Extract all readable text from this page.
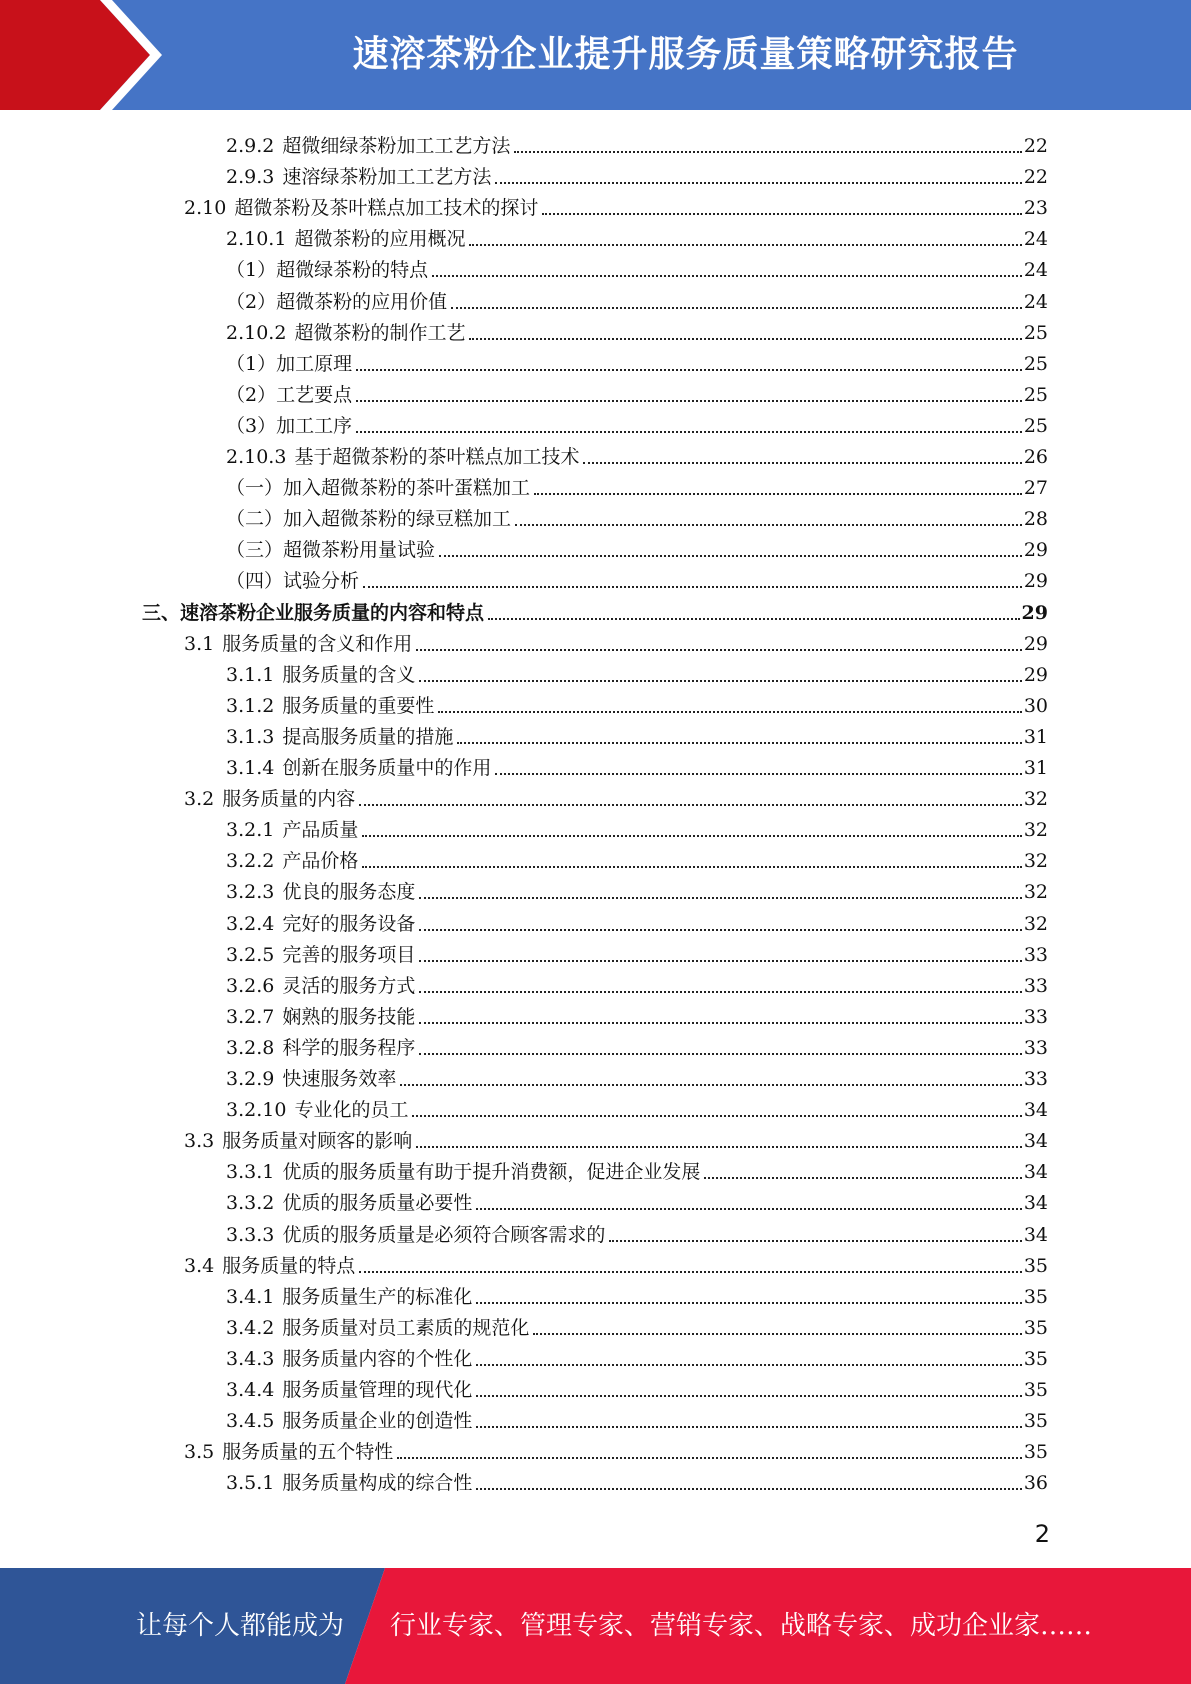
速溶茶粉企业提升服务质量策略研究报告
2.9.2 超微细绿茶粉加工工艺方法	22
2.9.3 速溶绿茶粉加工工艺方法	22
2.10 超微茶粉及茶叶糕点加工技术的探讨	23
2.10.1 超微茶粉的应用概况	24
（1）超微绿茶粉的特点	24
（2）超微茶粉的应用价值	24
2.10.2 超微茶粉的制作工艺	25
（1）加工原理	25
（2）工艺要点	25
（3）加工工序	25
2.10.3 基于超微茶粉的茶叶糕点加工技术	26
（一）加入超微茶粉的茶叶蛋糕加工	27
（二）加入超微茶粉的绿豆糕加工	28
（三）超微茶粉用量试验	29
（四）试验分析	29
三、速溶茶粉企业服务质量的内容和特点	29
3.1 服务质量的含义和作用	29
3.1.1 服务质量的含义	29
3.1.2 服务质量的重要性	30
3.1.3 提高服务质量的措施	31
3.1.4 创新在服务质量中的作用	31
3.2 服务质量的内容	32
3.2.1 产品质量	32
3.2.2 产品价格	32
3.2.3 优良的服务态度	32
3.2.4 完好的服务设备	32
3.2.5 完善的服务项目	33
3.2.6 灵活的服务方式	33
3.2.7 娴熟的服务技能	33
3.2.8 科学的服务程序	33
3.2.9 快速服务效率	33
3.2.10 专业化的员工	34
3.3 服务质量对顾客的影响	34
3.3.1 优质的服务质量有助于提升消费额，促进企业发展	34
3.3.2 优质的服务质量必要性	34
3.3.3 优质的服务质量是必须符合顾客需求的	34
3.4 服务质量的特点	35
3.4.1 服务质量生产的标准化	35
3.4.2 服务质量对员工素质的规范化	35
3.4.3 服务质量内容的个性化	35
3.4.4 服务质量管理的现代化	35
3.4.5 服务质量企业的创造性	35
3.5 服务质量的五个特性	35
3.5.1 服务质量构成的综合性	36
2
让每个人都能成为	行业专家、管理专家、营销专家、战略专家、成功企业家……
